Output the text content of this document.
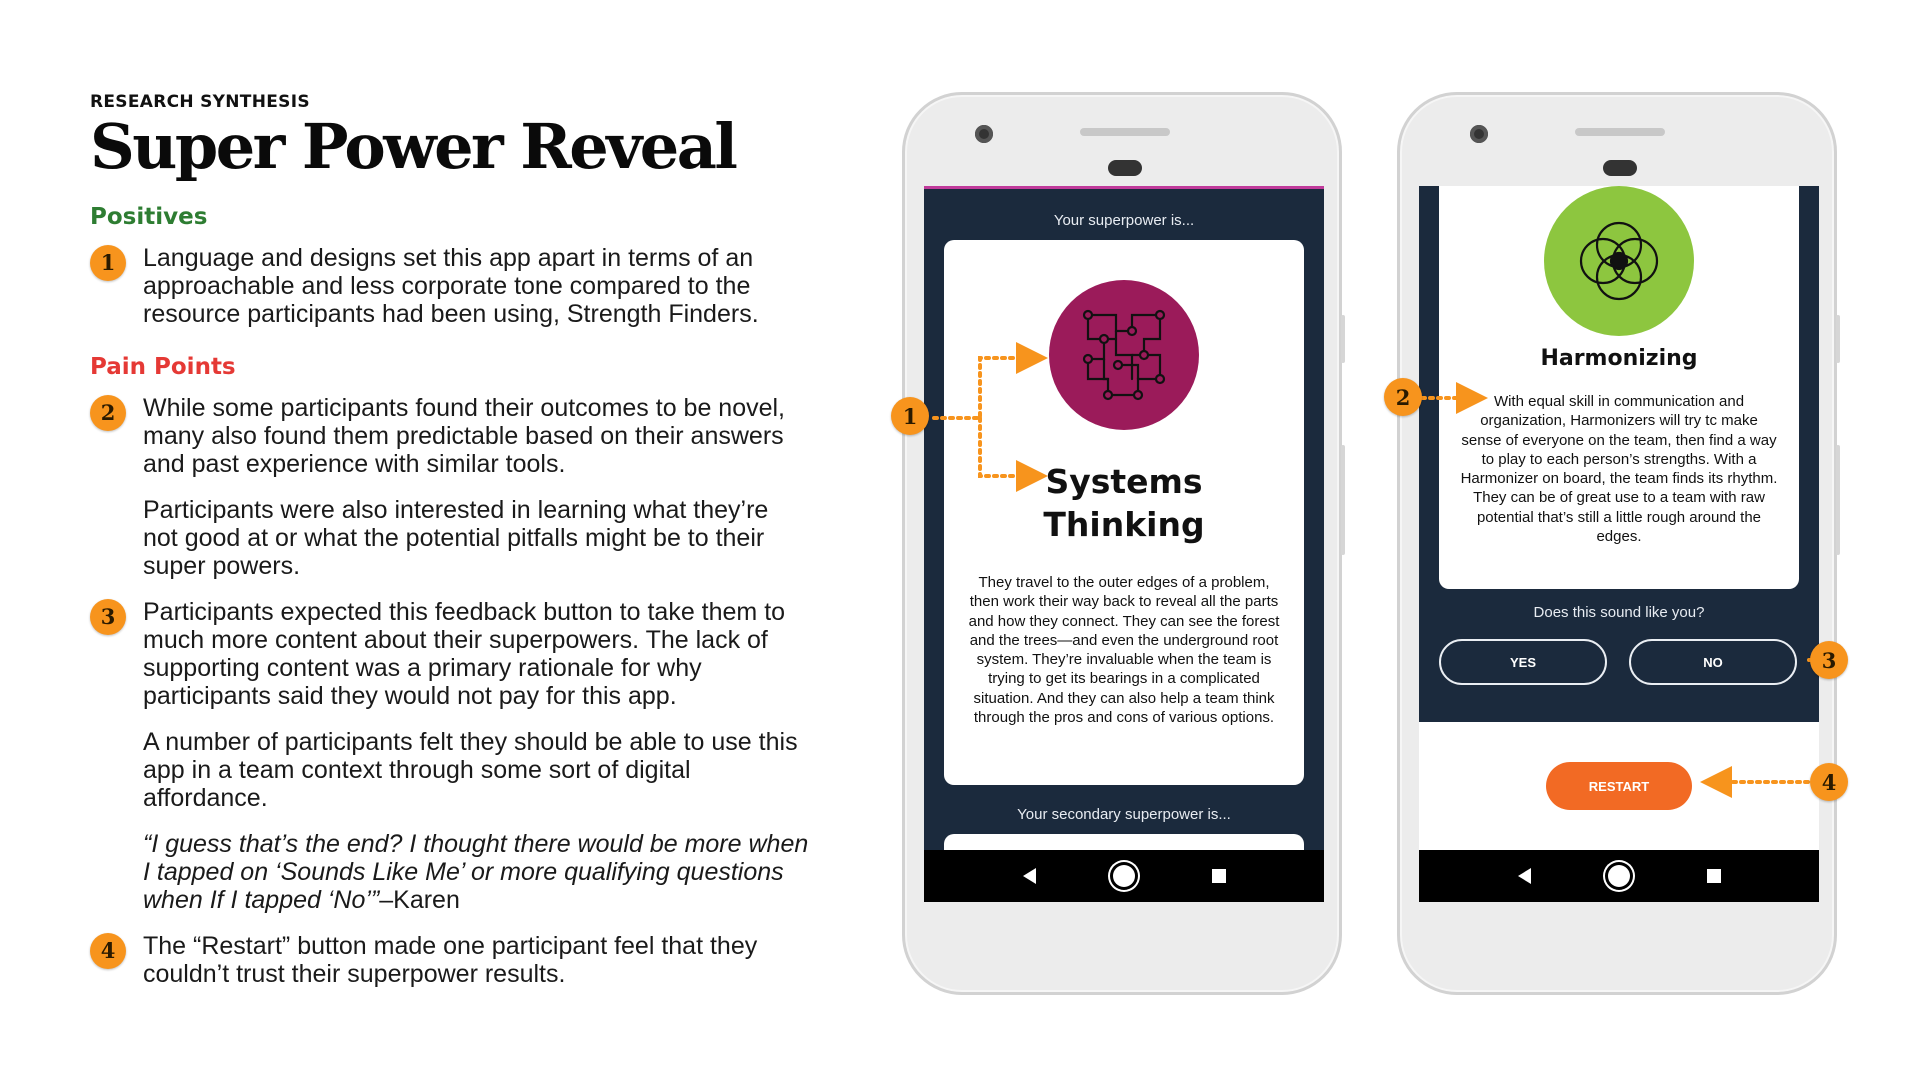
RESEARCH SYNTHESIS
Super Power Reveal
Positives
1 Language and designs set this app apart in terms of an approachable and less corporate tone compared to the resource participants had been using, Strength Finders.
Pain Points
2 While some participants found their outcomes to be novel, many also found them predictable based on their answers and past experience with similar tools.
Participants were also interested in learning what they’re not good at or what the potential pitfalls might be to their super powers.
3 Participants expected this feedback button to take them to much more content about their superpowers. The lack of supporting content was a primary rationale for why participants said they would not pay for this app.
A number of participants felt they should be able to use this app in a team context through some sort of digital affordance.
“I guess that’s the end? I thought there would be more when I tapped on ‘Sounds Like Me’ or more qualifying questions when If I tapped ‘No’”–Karen
4 The “Restart” button made one participant feel that they couldn’t trust their superpower results.
Your superpower is...
Systems
Thinking
They travel to the outer edges of a problem, then work their way back to reveal all the parts and how they connect. They can see the forest and the trees—and even the underground root system. They’re invaluable when the team is trying to get its bearings in a complicated situation. And they can also help a team think through the pros and cons of various options.
Your secondary superpower is...
Harmonizing
With equal skill in communication and organization, Harmonizers will try tc make sense of everyone on the team, then find a way to play to each person’s strengths. With a Harmonizer on board, the team finds its rhythm. They can be of great use to a team with raw potential that’s still a little rough around the edges.
Does this sound like you?
YES	NO
RESTART
1
2
3
4
